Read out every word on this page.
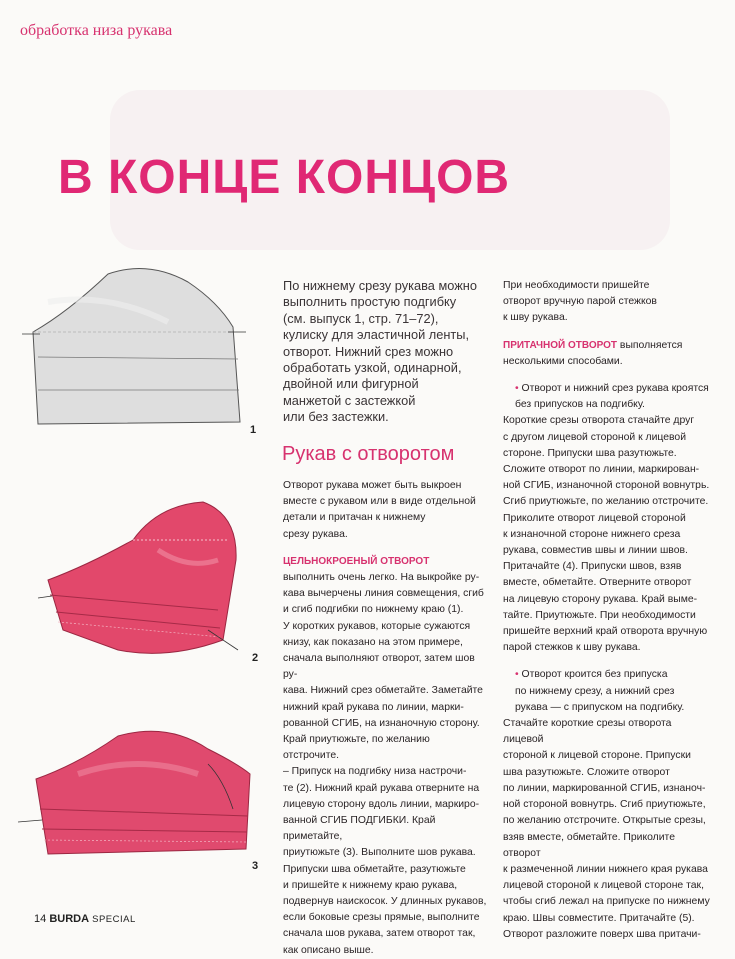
обработка низа рукава
В КОНЦЕ КОНЦОВ
1
2
3

По нижнему срезу рукава можно

выполнить простую подгибку

(см. выпуск 1, стр. 71–72),

кулиску для эластичной ленты,

отворот. Нижний срез можно

обработать узкой, одинарной,

двойной или фигурной

манжетой с застежкой

или без застежки.

Рукав с отворотом

Отворот рукава может быть выкроен

вместе с рукавом или в виде отдельной

детали и притачан к нижнему

срезу рукава.

ЦЕЛЬНОКРОЕНЫЙ ОТВОРОТ

выполнить очень легко. На выкройке ру-

кава вычерчены линия совмещения, сгиб

и сгиб подгибки по нижнему краю (1).

У коротких рукавов, которые сужаются

книзу, как показано на этом примере,

сначала выполняют отворот, затем шов ру-

кава. Нижний срез обметайте. Заметайте

нижний край рукава по линии, марки-

рованной СГИБ, на изнаночную сторону.

Край приутюжьте, по желанию отстрочите.

– Припуск на подгибку низа настрочи-

те (2). Нижний край рукава отверните на

лицевую сторону вдоль линии, маркиро-

ванной СГИБ ПОДГИБКИ. Край приметайте,

приутюжьте (3). Выполните шов рукава.

Припуски шва обметайте, разутюжьте

и пришейте к нижнему краю рукава,

подвернув наискосок. У длинных рукавов,

если боковые срезы прямые, выполните

сначала шов рукава, затем отворот так,

как описано выше.

При необходимости пришейте

отворот вручную парой стежков

к шву рукава.

ПРИТАЧНОЙ ОТВОРОТ выполняется

несколькими способами.

• Отворот и нижний срез рукава кроятся

без припусков на подгибку.

Короткие срезы отворота стачайте друг

с другом лицевой стороной к лицевой

стороне. Припуски шва разутюжьте.

Сложите отворот по линии, маркирован-

ной СГИБ, изнаночной стороной вовнутрь.

Сгиб приутюжьте, по желанию отстрочите.

Приколите отворот лицевой стороной

к изнаночной стороне нижнего среза

рукава, совместив швы и линии швов.

Притачайте (4). Припуски швов, взяв

вместе, обметайте. Отверните отворот

на лицевую сторону рукава. Край выме-

тайте. Приутюжьте. При необходимости

пришейте верхний край отворота вручную

парой стежков к шву рукава.

• Отворот кроится без припуска

по нижнему срезу, а нижний срез

рукава — с припуском на подгибку.

Стачайте короткие срезы отворота лицевой

стороной к лицевой стороне. Припуски

шва разутюжьте. Сложите отворот

по линии, маркированной СГИБ, изнаноч-

ной стороной вовнутрь. Сгиб приутюжьте,

по желанию отстрочите. Открытые срезы,

взяв вместе, обметайте. Приколите отворот

к размеченной линии нижнего края рукава

лицевой стороной к лицевой стороне так,

чтобы сгиб лежал на припуске по нижнему

краю. Швы совместите. Притачайте (5).

Отворот разложите поверх шва притачи-

14 BURDA SPECIAL
